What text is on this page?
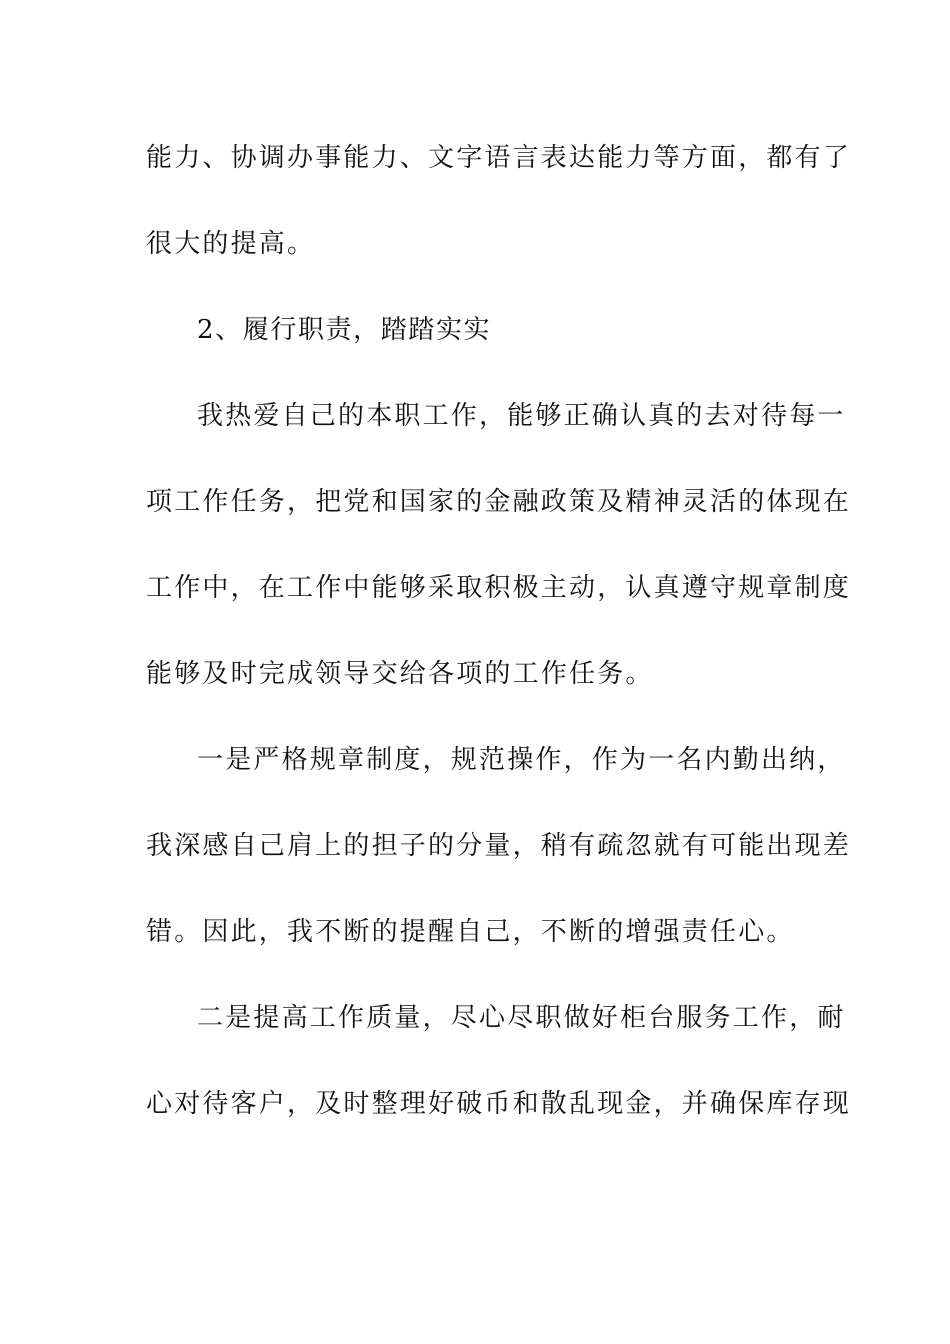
能力、协调办事能力、文字语言表达能力等方面，都有了
很大的提高。
2、履行职责，踏踏实实
我热爱自己的本职工作，能够正确认真的去对待每一
项工作任务，把党和国家的金融政策及精神灵活的体现在
工作中，在工作中能够采取积极主动，认真遵守规章制度
能够及时完成领导交给各项的工作任务。
一是严格规章制度，规范操作，作为一名内勤出纳，
我深感自己肩上的担子的分量，稍有疏忽就有可能出现差
错。因此，我不断的提醒自己，不断的增强责任心。
二是提高工作质量，尽心尽职做好柜台服务工作，耐
心对待客户，及时整理好破币和散乱现金，并确保库存现
